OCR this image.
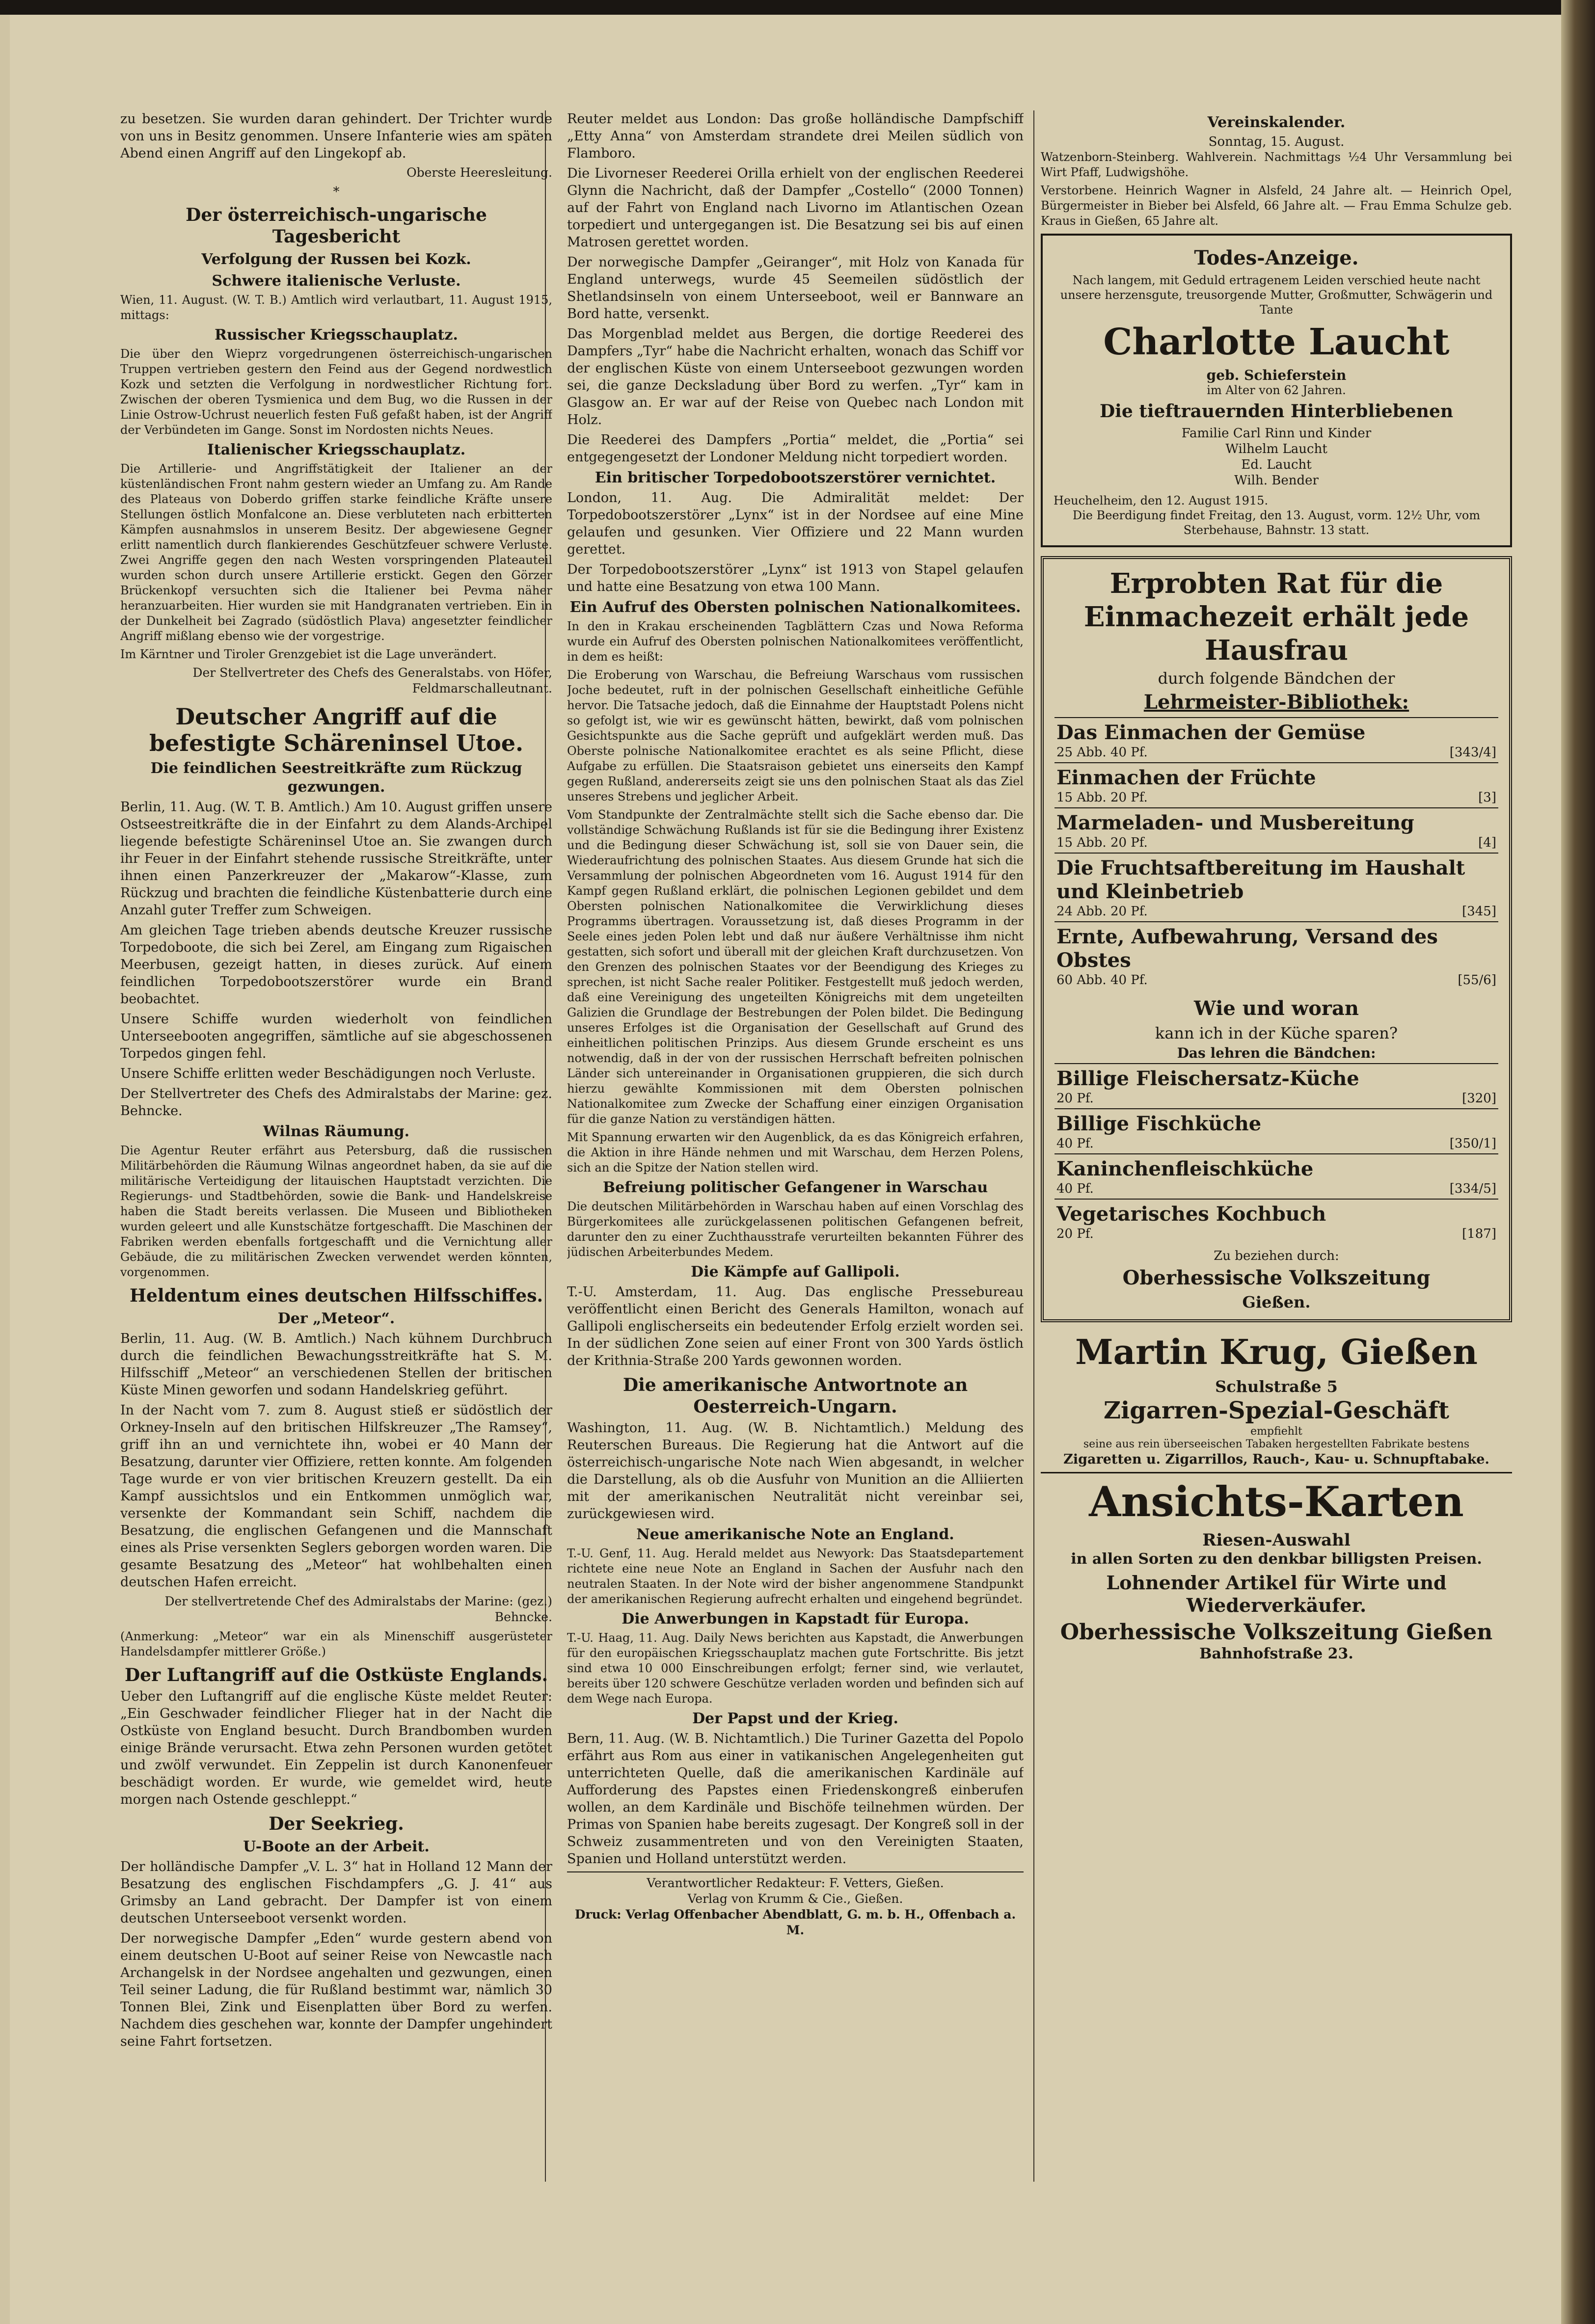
zu besetzen. Sie wurden daran gehindert. Der Trichter wurde von uns in Besitz genommen. Unsere Infanterie wies am späten Abend einen Angriff auf den Lingekopf ab.

Oberste Heeresleitung.
*
Der österreichisch-ungarische Tagesbericht
Verfolgung der Russen bei Kozk.
Schwere italienische Verluste.

Wien, 11. August. (W. T. B.) Amtlich wird verlautbart, 11. August 1915, mittags:

Russischer Kriegsschauplatz.

Die über den Wieprz vorgedrungenen österreichisch-ungarischen Truppen vertrieben gestern den Feind aus der Gegend nordwestlich Kozk und setzten die Verfolgung in nordwestlicher Richtung fort. Zwischen der oberen Tysmienica und dem Bug, wo die Russen in der Linie Ostrow-Uchrust neuerlich festen Fuß gefaßt haben, ist der Angriff der Verbündeten im Gange. Sonst im Nordosten nichts Neues.

Italienischer Kriegsschauplatz.

Die Artillerie- und Angriffstätigkeit der Italiener an der küstenländischen Front nahm gestern wieder an Umfang zu. Am Rande des Plateaus von Doberdo griffen starke feindliche Kräfte unsere Stellungen östlich Monfalcone an. Diese verbluteten nach erbitterten Kämpfen ausnahmslos in unserem Besitz. Der abgewiesene Gegner erlitt namentlich durch flankierendes Geschützfeuer schwere Verluste. Zwei Angriffe gegen den nach Westen vorspringenden Plateauteil wurden schon durch unsere Artillerie erstickt. Gegen den Görzer Brückenkopf versuchten sich die Italiener bei Pevma näher heranzuarbeiten. Hier wurden sie mit Handgranaten vertrieben. Ein in der Dunkelheit bei Zagrado (südöstlich Plava) angesetzter feindlicher Angriff mißlang ebenso wie der vorgestrige.

Im Kärntner und Tiroler Grenzgebiet ist die Lage unverändert.

Der Stellvertreter des Chefs des Generalstabs. von Höfer, Feldmarschalleutnant.
Deutscher Angriff auf die befestigte Schäreninsel Utoe.
Die feindlichen Seestreitkräfte zum Rückzug gezwungen.

Berlin, 11. Aug. (W. T. B. Amtlich.) Am 10. August griffen unsere Ostseestreitkräfte die in der Einfahrt zu dem Alands-Archipel liegende befestigte Schäreninsel Utoe an. Sie zwangen durch ihr Feuer in der Einfahrt stehende russische Streitkräfte, unter ihnen einen Panzerkreuzer der „Makarow“-Klasse, zum Rückzug und brachten die feindliche Küstenbatterie durch eine Anzahl guter Treffer zum Schweigen.

Am gleichen Tage trieben abends deutsche Kreuzer russische Torpedoboote, die sich bei Zerel, am Eingang zum Rigaischen Meerbusen, gezeigt hatten, in dieses zurück. Auf einem feindlichen Torpedobootszerstörer wurde ein Brand beobachtet.

Unsere Schiffe wurden wiederholt von feindlichen Unterseebooten angegriffen, sämtliche auf sie abgeschossenen Torpedos gingen fehl.

Unsere Schiffe erlitten weder Beschädigungen noch Verluste.

Der Stellvertreter des Chefs des Admiralstabs der Marine: gez. Behncke.

Wilnas Räumung.

Die Agentur Reuter erfährt aus Petersburg, daß die russischen Militärbehörden die Räumung Wilnas angeordnet haben, da sie auf die militärische Verteidigung der litauischen Hauptstadt verzichten. Die Regierungs- und Stadtbehörden, sowie die Bank- und Handelskreise haben die Stadt bereits verlassen. Die Museen und Bibliotheken wurden geleert und alle Kunstschätze fortgeschafft. Die Maschinen der Fabriken werden ebenfalls fortgeschafft und die Vernichtung aller Gebäude, die zu militärischen Zwecken verwendet werden könnten, vorgenommen.

Heldentum eines deutschen Hilfsschiffes.
Der „Meteor“.

Berlin, 11. Aug. (W. B. Amtlich.) Nach kühnem Durchbruch durch die feindlichen Bewachungsstreitkräfte hat S. M. Hilfsschiff „Meteor“ an verschiedenen Stellen der britischen Küste Minen geworfen und sodann Handelskrieg geführt.

In der Nacht vom 7. zum 8. August stieß er südöstlich der Orkney-Inseln auf den britischen Hilfskreuzer „The Ramsey“, griff ihn an und vernichtete ihn, wobei er 40 Mann der Besatzung, darunter vier Offiziere, retten konnte. Am folgenden Tage wurde er von vier britischen Kreuzern gestellt. Da ein Kampf aussichtslos und ein Entkommen unmöglich war, versenkte der Kommandant sein Schiff, nachdem die Besatzung, die englischen Gefangenen und die Mannschaft eines als Prise versenkten Seglers geborgen worden waren. Die gesamte Besatzung des „Meteor“ hat wohlbehalten einen deutschen Hafen erreicht.

Der stellvertretende Chef des Admiralstabs der Marine: (gez.) Behncke.

(Anmerkung: „Meteor“ war ein als Minenschiff ausgerüsteter Handelsdampfer mittlerer Größe.)

Der Luftangriff auf die Ostküste Englands.

Ueber den Luftangriff auf die englische Küste meldet Reuter: „Ein Geschwader feindlicher Flieger hat in der Nacht die Ostküste von England besucht. Durch Brandbomben wurden einige Brände verursacht. Etwa zehn Personen wurden getötet und zwölf verwundet. Ein Zeppelin ist durch Kanonenfeuer beschädigt worden. Er wurde, wie gemeldet wird, heute morgen nach Ostende geschleppt.“

Der Seekrieg.
U-Boote an der Arbeit.

Der holländische Dampfer „V. L. 3“ hat in Holland 12 Mann der Besatzung des englischen Fischdampfers „G. J. 41“ aus Grimsby an Land gebracht. Der Dampfer ist von einem deutschen Unterseeboot versenkt worden.

Der norwegische Dampfer „Eden“ wurde gestern abend von einem deutschen U-Boot auf seiner Reise von Newcastle nach Archangelsk in der Nordsee angehalten und gezwungen, einen Teil seiner Ladung, die für Rußland bestimmt war, nämlich 30 Tonnen Blei, Zink und Eisenplatten über Bord zu werfen. Nachdem dies geschehen war, konnte der Dampfer ungehindert seine Fahrt fortsetzen.

Reuter meldet aus London: Das große holländische Dampfschiff „Etty Anna“ von Amsterdam strandete drei Meilen südlich von Flamboro.

Die Livorneser Reederei Orilla erhielt von der englischen Reederei Glynn die Nachricht, daß der Dampfer „Costello“ (2000 Tonnen) auf der Fahrt von England nach Livorno im Atlantischen Ozean torpediert und untergegangen ist. Die Besatzung sei bis auf einen Matrosen gerettet worden.

Der norwegische Dampfer „Geiranger“, mit Holz von Kanada für England unterwegs, wurde 45 Seemeilen südöstlich der Shetlandsinseln von einem Unterseeboot, weil er Bannware an Bord hatte, versenkt.

Das Morgenblad meldet aus Bergen, die dortige Reederei des Dampfers „Tyr“ habe die Nachricht erhalten, wonach das Schiff vor der englischen Küste von einem Unterseeboot gezwungen worden sei, die ganze Decksladung über Bord zu werfen. „Tyr“ kam in Glasgow an. Er war auf der Reise von Quebec nach London mit Holz.

Die Reederei des Dampfers „Portia“ meldet, die „Portia“ sei entgegengesetzt der Londoner Meldung nicht torpediert worden.

Ein britischer Torpedobootszerstörer vernichtet.

London, 11. Aug. Die Admiralität meldet: Der Torpedobootszerstörer „Lynx“ ist in der Nordsee auf eine Mine gelaufen und gesunken. Vier Offiziere und 22 Mann wurden gerettet.

Der Torpedobootszerstörer „Lynx“ ist 1913 von Stapel gelaufen und hatte eine Besatzung von etwa 100 Mann.

Ein Aufruf des Obersten polnischen Nationalkomitees.

In den in Krakau erscheinenden Tagblättern Czas und Nowa Reforma wurde ein Aufruf des Obersten polnischen Nationalkomitees veröffentlicht, in dem es heißt:

Die Eroberung von Warschau, die Befreiung Warschaus vom russischen Joche bedeutet, ruft in der polnischen Gesellschaft einheitliche Gefühle hervor. Die Tatsache jedoch, daß die Einnahme der Hauptstadt Polens nicht so gefolgt ist, wie wir es gewünscht hätten, bewirkt, daß vom polnischen Gesichtspunkte aus die Sache geprüft und aufgeklärt werden muß. Das Oberste polnische Nationalkomitee erachtet es als seine Pflicht, diese Aufgabe zu erfüllen. Die Staatsraison gebietet uns einerseits den Kampf gegen Rußland, andererseits zeigt sie uns den polnischen Staat als das Ziel unseres Strebens und jeglicher Arbeit.

Vom Standpunkte der Zentralmächte stellt sich die Sache ebenso dar. Die vollständige Schwächung Rußlands ist für sie die Bedingung ihrer Existenz und die Bedingung dieser Schwächung ist, soll sie von Dauer sein, die Wiederaufrichtung des polnischen Staates. Aus diesem Grunde hat sich die Versammlung der polnischen Abgeordneten vom 16. August 1914 für den Kampf gegen Rußland erklärt, die polnischen Legionen gebildet und dem Obersten polnischen Nationalkomitee die Verwirklichung dieses Programms übertragen. Voraussetzung ist, daß dieses Programm in der Seele eines jeden Polen lebt und daß nur äußere Verhältnisse ihm nicht gestatten, sich sofort und überall mit der gleichen Kraft durchzusetzen. Von den Grenzen des polnischen Staates vor der Beendigung des Krieges zu sprechen, ist nicht Sache realer Politiker. Festgestellt muß jedoch werden, daß eine Vereinigung des ungeteilten Königreichs mit dem ungeteilten Galizien die Grundlage der Bestrebungen der Polen bildet. Die Bedingung unseres Erfolges ist die Organisation der Gesellschaft auf Grund des einheitlichen politischen Prinzips. Aus diesem Grunde erscheint es uns notwendig, daß in der von der russischen Herrschaft befreiten polnischen Länder sich untereinander in Organisationen gruppieren, die sich durch hierzu gewählte Kommissionen mit dem Obersten polnischen Nationalkomitee zum Zwecke der Schaffung einer einzigen Organisation für die ganze Nation zu verständigen hätten.

Mit Spannung erwarten wir den Augenblick, da es das Königreich erfahren, die Aktion in ihre Hände nehmen und mit Warschau, dem Herzen Polens, sich an die Spitze der Nation stellen wird.

Befreiung politischer Gefangener in Warschau

Die deutschen Militärbehörden in Warschau haben auf einen Vorschlag des Bürgerkomitees alle zurückgelassenen politischen Gefangenen befreit, darunter den zu einer Zuchthausstrafe verurteilten bekannten Führer des jüdischen Arbeiterbundes Medem.

Die Kämpfe auf Gallipoli.

T.-U. Amsterdam, 11. Aug. Das englische Pressebureau veröffentlicht einen Bericht des Generals Hamilton, wonach auf Gallipoli englischerseits ein bedeutender Erfolg erzielt worden sei. In der südlichen Zone seien auf einer Front von 300 Yards östlich der Krithnia-Straße 200 Yards gewonnen worden.

Die amerikanische Antwortnote an Oesterreich-Ungarn.

Washington, 11. Aug. (W. B. Nichtamtlich.) Meldung des Reuterschen Bureaus. Die Regierung hat die Antwort auf die österreichisch-ungarische Note nach Wien abgesandt, in welcher die Darstellung, als ob die Ausfuhr von Munition an die Alliierten mit der amerikanischen Neutralität nicht vereinbar sei, zurückgewiesen wird.

Neue amerikanische Note an England.

T.-U. Genf, 11. Aug. Herald meldet aus Newyork: Das Staatsdepartement richtete eine neue Note an England in Sachen der Ausfuhr nach den neutralen Staaten. In der Note wird der bisher angenommene Standpunkt der amerikanischen Regierung aufrecht erhalten und eingehend begründet.

Die Anwerbungen in Kapstadt für Europa.

T.-U. Haag, 11. Aug. Daily News berichten aus Kapstadt, die Anwerbungen für den europäischen Kriegsschauplatz machen gute Fortschritte. Bis jetzt sind etwa 10 000 Einschreibungen erfolgt; ferner sind, wie verlautet, bereits über 120 schwere Geschütze verladen worden und befinden sich auf dem Wege nach Europa.

Der Papst und der Krieg.

Bern, 11. Aug. (W. B. Nichtamtlich.) Die Turiner Gazetta del Popolo erfährt aus Rom aus einer in vatikanischen Angelegenheiten gut unterrichteten Quelle, daß die amerikanischen Kardinäle auf Aufforderung des Papstes einen Friedenskongreß einberufen wollen, an dem Kardinäle und Bischöfe teilnehmen würden. Der Primas von Spanien habe bereits zugesagt. Der Kongreß soll in der Schweiz zusammentreten und von den Vereinigten Staaten, Spanien und Holland unterstützt werden.

Verantwortlicher Redakteur: F. Vetters, Gießen.
Verlag von Krumm & Cie., Gießen.
Druck: Verlag Offenbacher Abendblatt, G. m. b. H., Offenbach a. M.
Vereinskalender.
Sonntag, 15. August.

Watzenborn-Steinberg. Wahlverein. Nachmittags ½4 Uhr Versammlung bei Wirt Pfaff, Ludwigshöhe.

Verstorbene. Heinrich Wagner in Alsfeld, 24 Jahre alt. — Heinrich Opel, Bürgermeister in Bieber bei Alsfeld, 66 Jahre alt. — Frau Emma Schulze geb. Kraus in Gießen, 65 Jahre alt.

Todes-Anzeige.
Nach langem, mit Geduld ertragenem Leiden verschied heute nacht unsere herzensgute, treusorgende Mutter, Großmutter, Schwägerin und Tante
Charlotte Laucht
geb. Schieferstein
im Alter von 62 Jahren.
Die tieftrauernden Hinterbliebenen
Familie Carl Rinn und Kinder
Wilhelm Laucht
Ed. Laucht
Wilh. Bender
Heuchelheim, den 12. August 1915.
Die Beerdigung findet Freitag, den 13. August, vorm. 12½ Uhr, vom Sterbehause, Bahnstr. 13 statt.
Erprobten Rat für die Einmachezeit erhält jede Hausfrau
durch folgende Bändchen der
Lehrmeister-Bibliothek:
Das Einmachen der Gemüse
25 Abb. 40 Pf.	[343/4]
Einmachen der Früchte
15 Abb. 20 Pf.	[3]
Marmeladen- und Musbereitung
15 Abb. 20 Pf.	[4]
Die Fruchtsaftbereitung im Haushalt und Kleinbetrieb
24 Abb. 20 Pf.	[345]
Ernte, Aufbewahrung, Versand des Obstes
60 Abb. 40 Pf.	[55/6]
Wie und woran
kann ich in der Küche sparen?
Das lehren die Bändchen:
Billige Fleischersatz-Küche
20 Pf.	[320]
Billige Fischküche
40 Pf.	[350/1]
Kaninchenfleischküche
40 Pf.	[334/5]
Vegetarisches Kochbuch
20 Pf.	[187]
Zu beziehen durch:
Oberhessische Volkszeitung
Gießen.
Martin Krug, Gießen
Schulstraße 5
Zigarren-Spezial-Geschäft
empfiehlt
seine aus rein überseeischen Tabaken hergestellten Fabrikate bestens
Zigaretten u. Zigarrillos, Rauch-, Kau- u. Schnupftabake.
Ansichts-Karten
Riesen-Auswahl
in allen Sorten zu den denkbar billigsten Preisen.
Lohnender Artikel für Wirte und Wiederverkäufer.
Oberhessische Volkszeitung Gießen
Bahnhofstraße 23.
